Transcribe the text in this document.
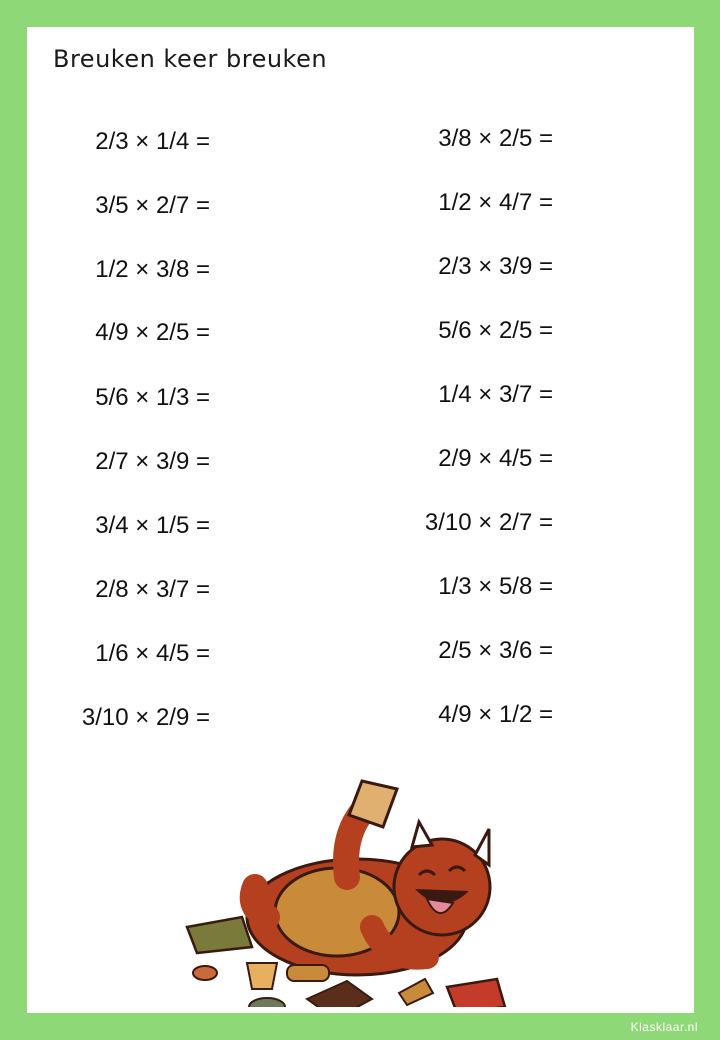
Breuken keer breuken
2/3 × 1/4 =
3/5 × 2/7 =
1/2 × 3/8 =
4/9 × 2/5 =
5/6 × 1/3 =
2/7 × 3/9 =
3/4 × 1/5 =
2/8 × 3/7 =
1/6 × 4/5 =
3/10 × 2/9 =
3/8 × 2/5 =
1/2 × 4/7 =
2/3 × 3/9 =
5/6 × 2/5 =
1/4 × 3/7 =
2/9 × 4/5 =
3/10 × 2/7 =
1/3 × 5/8 =
2/5 × 3/6 =
4/9 × 1/2 =
Klasklaar.nl
